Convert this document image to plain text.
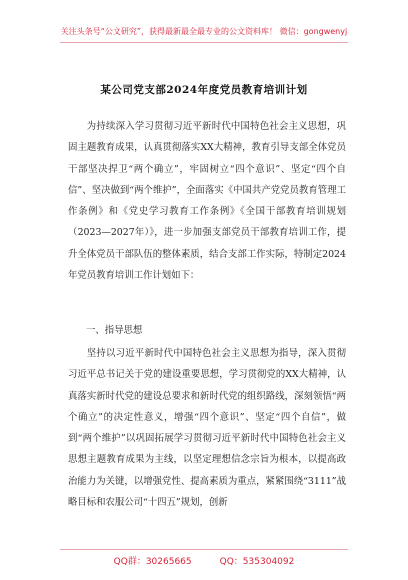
关注头条号“公文研究”，获得最新最全最专业的公文资料库！ 微信：gongwenyj
某公司党支部2024年度党员教育培训计划

为持续深入学习贯彻习近平新时代中国特色社会主义思想，巩固主题教育成果，认真贯彻落实XX大精神，教育引导支部全体党员干部坚决捍卫“两个确立”，牢固树立“四个意识”、坚定“四个自信”、坚决做到“两个维护”，全面落实《中国共产党党员教育管理工作条例》和《党史学习教育工作条例》《全国干部教育培训规划（2023—2027年）》，进一步加强支部党员干部教育培训工作，提升全体党员干部队伍的整体素质，结合支部工作实际，特制定2024年党员教育培训工作计划如下：

一、指导思想

坚持以习近平新时代中国特色社会主义思想为指导，深入贯彻习近平总书记关于党的建设重要思想，学习贯彻党的XX大精神，认真落实新时代党的建设总要求和新时代党的组织路线，深刻领悟“两个确立”的决定性意义，增强“四个意识”、坚定“四个自信”，做到“两个维护”以巩固拓展学习贯彻习近平新时代中国特色社会主义思想主题教育成果为主线，以坚定理想信念宗旨为根本，以提高政治能力为关键，以增强党性、提高素质为重点，紧紧围绕“3111”战略目标和农服公司“十四五”规划，创新

QQ群：30265665	QQ：535304092
